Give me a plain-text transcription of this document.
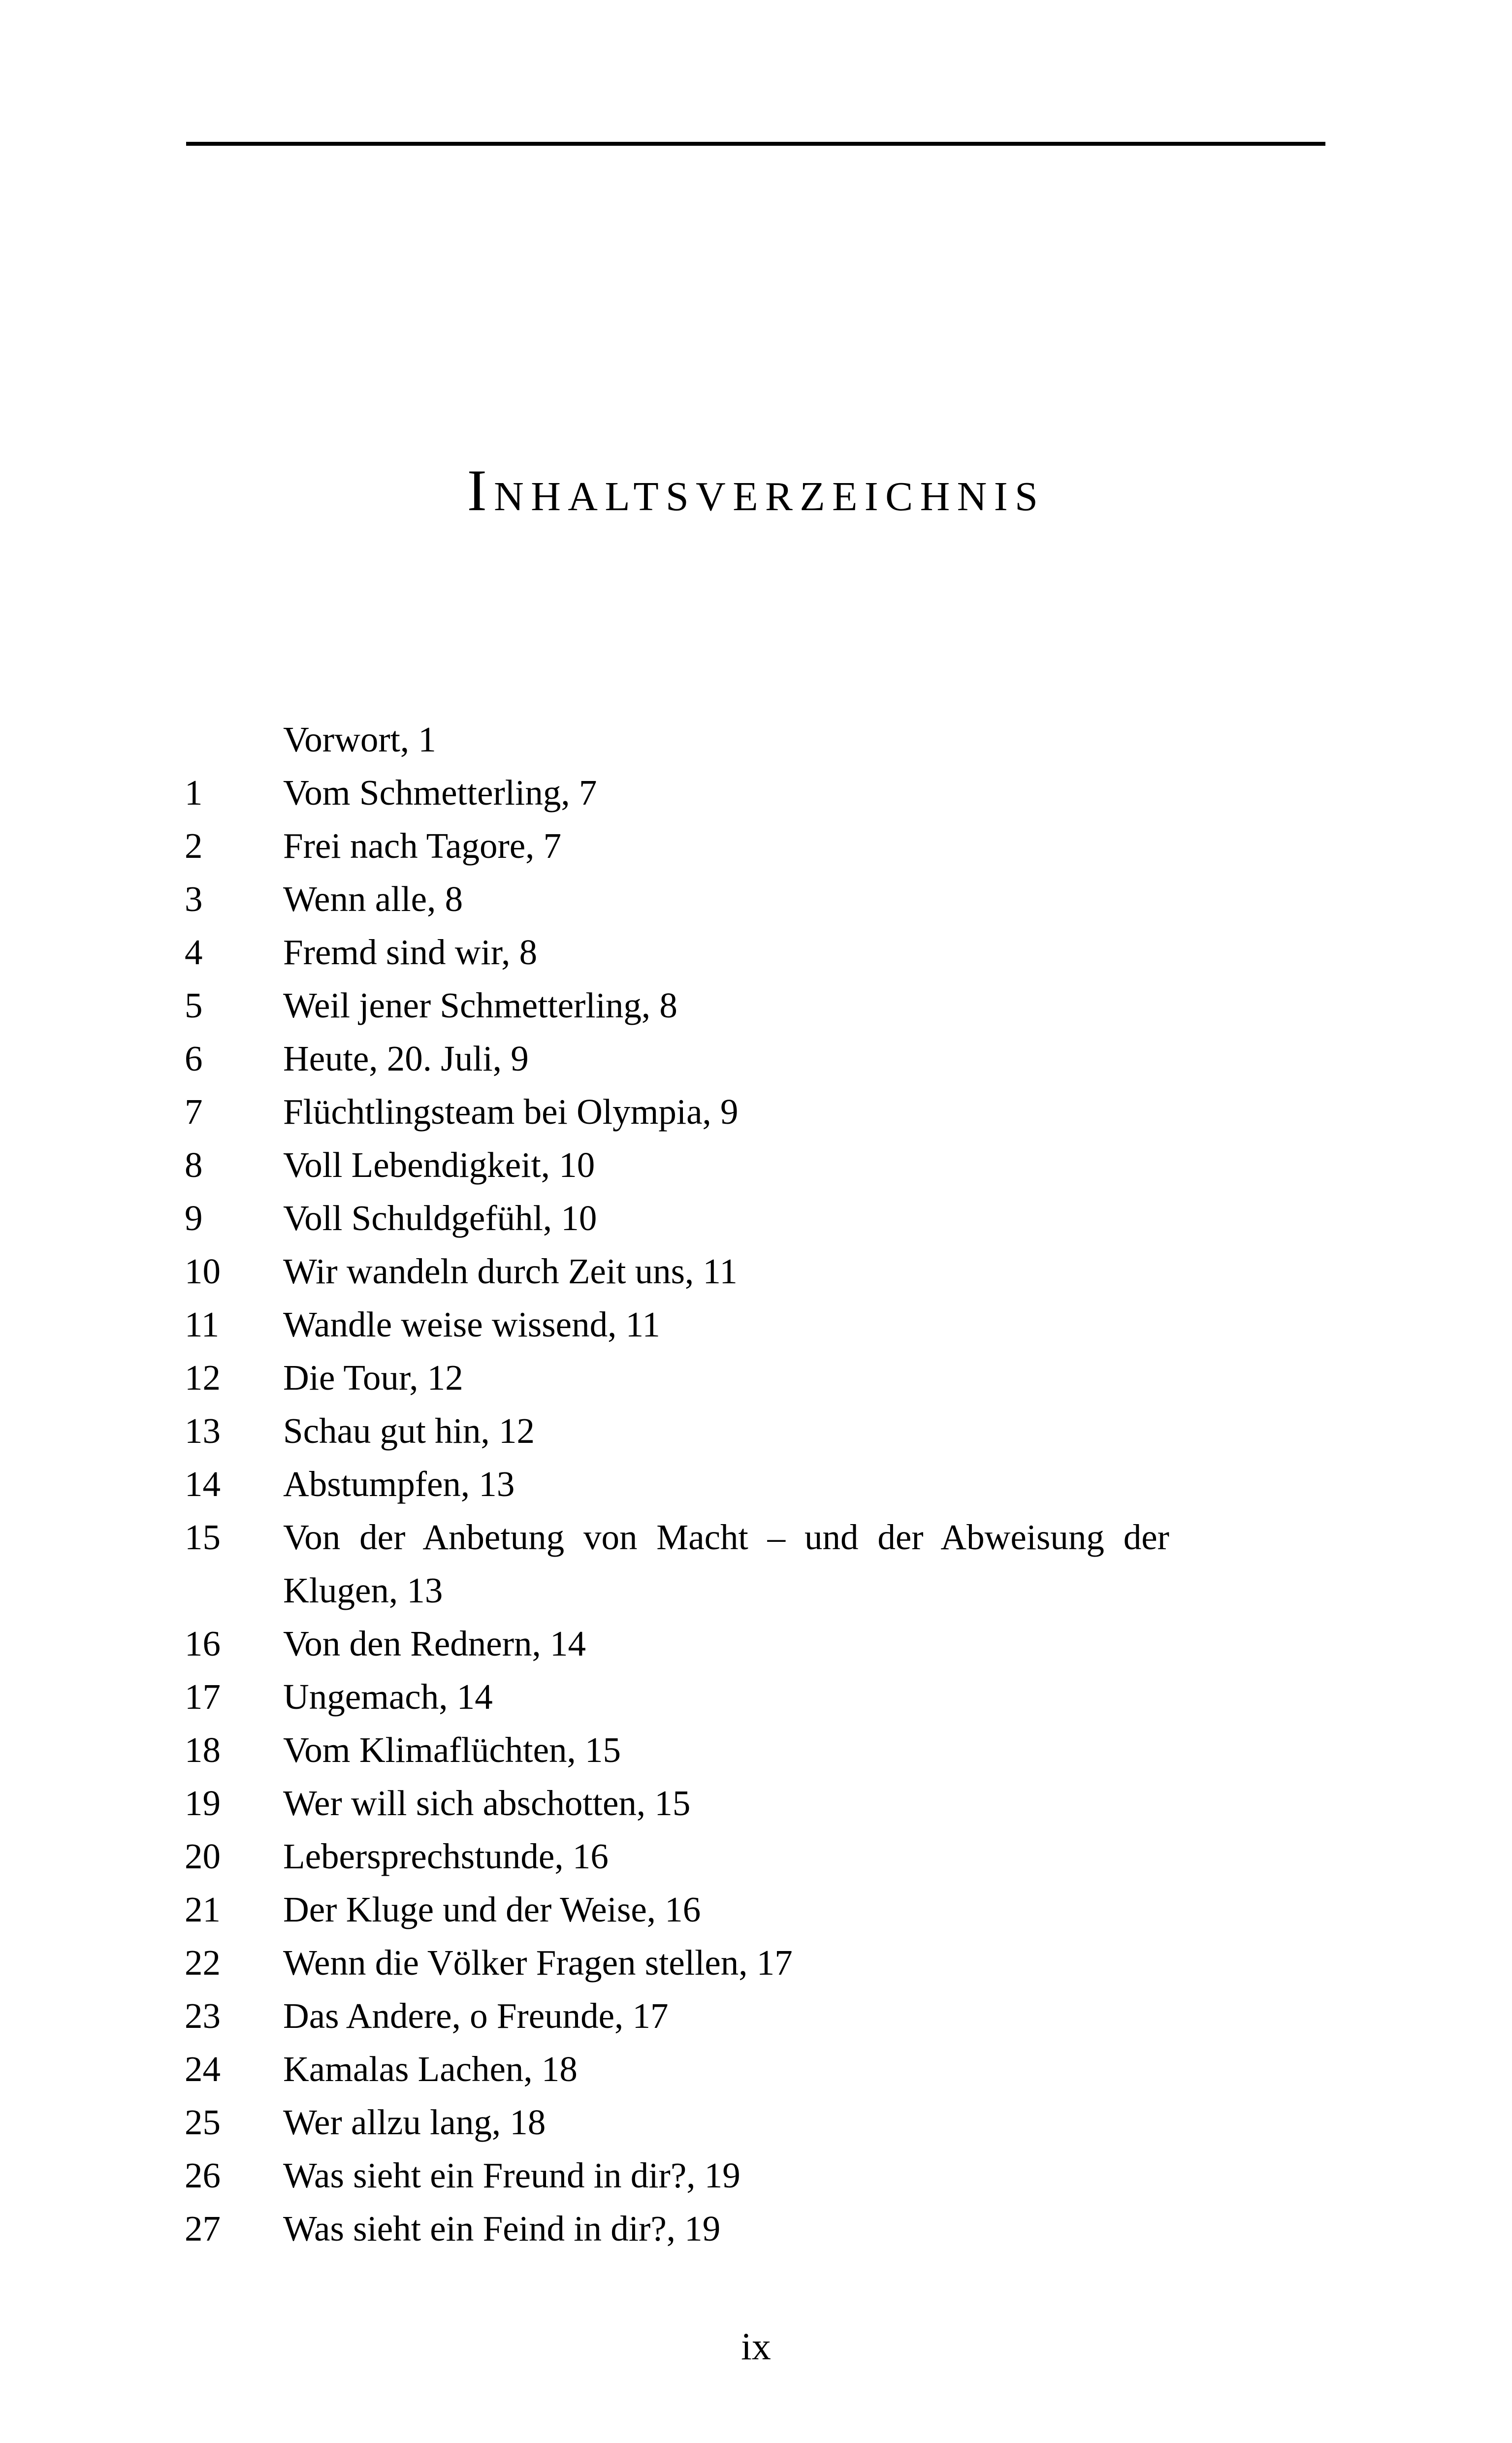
Inhaltsverzeichnis
Vorwort, 1
1	Vom Schmetterling, 7
2	Frei nach Tagore, 7
3	Wenn alle, 8
4	Fremd sind wir, 8
5	Weil jener Schmetterling, 8
6	Heute, 20. Juli, 9
7	Flüchtlingsteam bei Olympia, 9
8	Voll Lebendigkeit, 10
9	Voll Schuldgefühl, 10
10	Wir wandeln durch Zeit uns, 11
11	Wandle weise wissend, 11
12	Die Tour, 12
13	Schau gut hin, 12
14	Abstumpfen, 13
15	Von der Anbetung von Macht – und der Abweisung der Klugen, 13
16	Von den Rednern, 14
17	Ungemach, 14
18	Vom Klimaflüchten, 15
19	Wer will sich abschotten, 15
20	Lebersprechstunde, 16
21	Der Kluge und der Weise, 16
22	Wenn die Völker Fragen stellen, 17
23	Das Andere, o Freunde, 17
24	Kamalas Lachen, 18
25	Wer allzu lang, 18
26	Was sieht ein Freund in dir?, 19
27	Was sieht ein Feind in dir?, 19
ix
